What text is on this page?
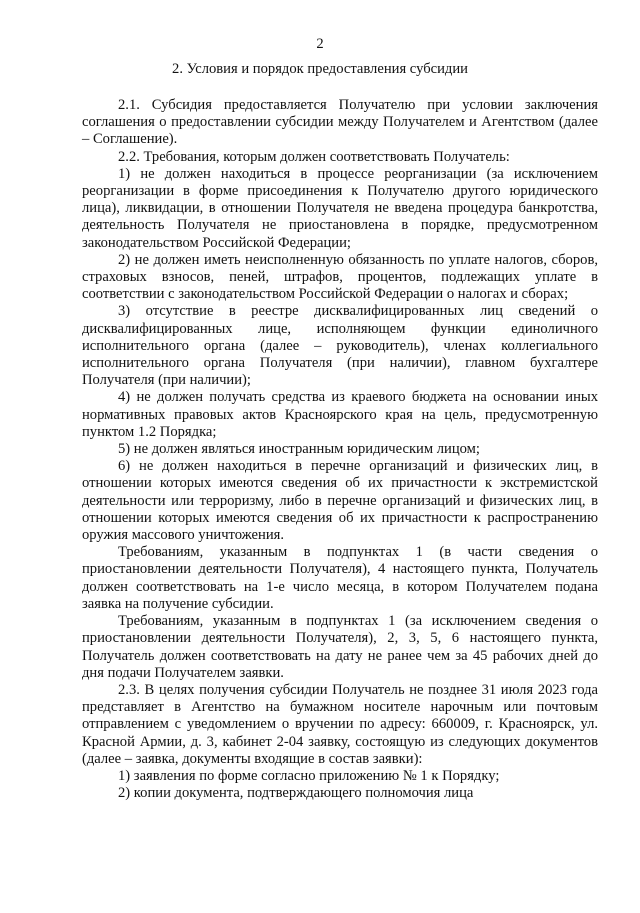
2
2. Условия и порядок предоставления субсидии

2.1. Субсидия предоставляется Получателю при условии заключения соглашения о предоставлении субсидии между Получателем и Агентством (далее – Соглашение).

2.2. Требования, которым должен соответствовать Получатель:

1) не должен находиться в процессе реорганизации (за исключением реорганизации в форме присоединения к Получателю другого юридического лица), ликвидации, в отношении Получателя не введена процедура банкротства, деятельность Получателя не приостановлена в порядке, предусмотренном законодательством Российской Федерации;

2) не должен иметь неисполненную обязанность по уплате налогов, сборов, страховых взносов, пеней, штрафов, процентов, подлежащих уплате в соответствии с законодательством Российской Федерации о налогах и сборах;

3) отсутствие в реестре дисквалифицированных лиц сведений о дисквалифицированных лице, исполняющем функции единоличного исполнительного органа (далее – руководитель), членах коллегиального исполнительного органа Получателя (при наличии), главном бухгалтере Получателя (при наличии);

4) не должен получать средства из краевого бюджета на основании иных нормативных правовых актов Красноярского края на цель, предусмотренную пунктом 1.2 Порядка;

5) не должен являться иностранным юридическим лицом;

6) не должен находиться в перечне организаций и физических лиц, в отношении которых имеются сведения об их причастности к экстремистской деятельности или терроризму, либо в перечне организаций и физических лиц, в отношении которых имеются сведения об их причастности к распространению оружия массового уничтожения.

Требованиям, указанным в подпунктах 1 (в части сведения о приостановлении деятельности Получателя), 4 настоящего пункта, Получатель должен соответствовать на 1-е число месяца, в котором Получателем подана заявка на получение субсидии.

Требованиям, указанным в подпунктах 1 (за исключением сведения о приостановлении деятельности Получателя), 2, 3, 5, 6 настоящего пункта, Получатель должен соответствовать на дату не ранее чем за 45 рабочих дней до дня подачи Получателем заявки.

2.3. В целях получения субсидии Получатель не позднее 31 июля 2023 года представляет в Агентство на бумажном носителе нарочным или почтовым отправлением с уведомлением о вручении по адресу: 660009, г. Красноярск, ул. Красной Армии, д. 3, кабинет 2-04 заявку, состоящую из следующих документов (далее – заявка, документы входящие в состав заявки):

1) заявления по форме согласно приложению № 1 к Порядку;

2) копии документа, подтверждающего полномочия лица
